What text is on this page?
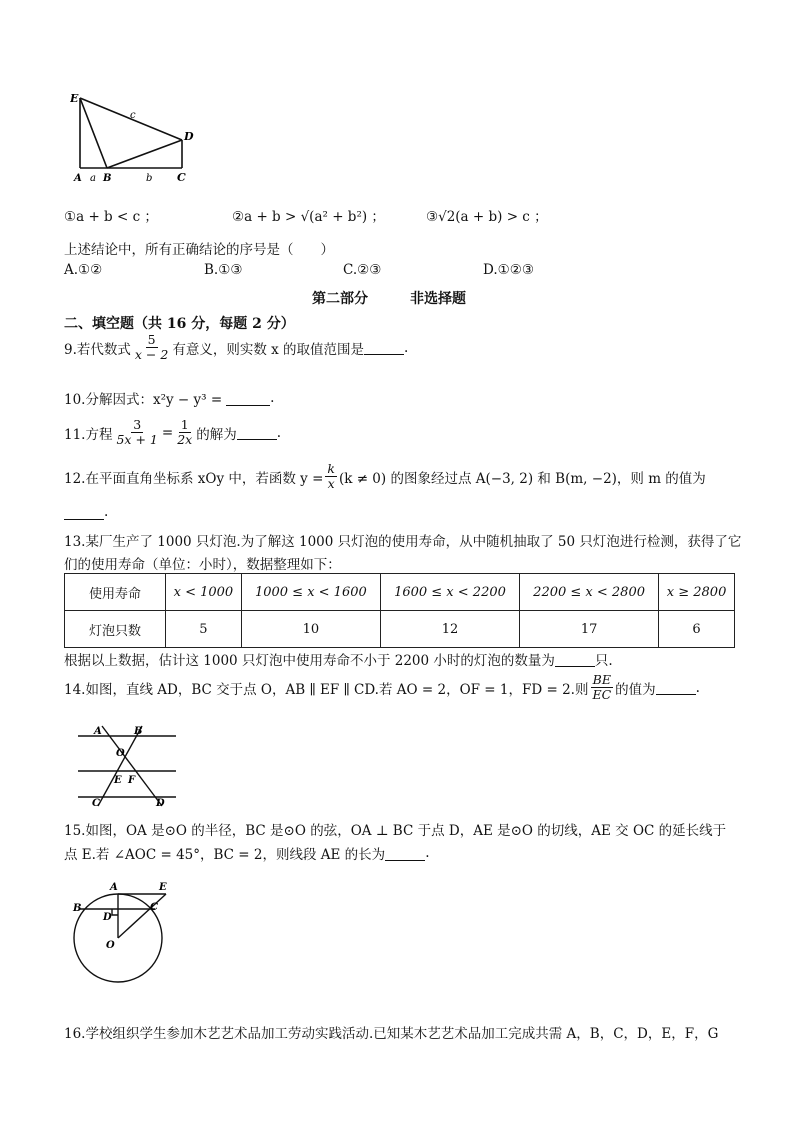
E
c
D
A a B	b C
①a + b < c ；	②a + b > √(a² + b²) ；	③√2(a + b) > c ；
上述结论中，所有正确结论的序号是（　　）
A.①②	B.①③	C.②③	D.①②③
第二部分　　　非选择题
二、填空题（共 16 分，每题 2 分）
9.若代数式 $\frac{5}{x - 2}$ 有意义，则实数 x 的取值范围是	.
10.分解因式：x²y − y³ =	.
11.方程 $\frac{3}{5x + 1} = \frac{1}{2x}$ 的解为	.
12.在平面直角坐标系 xOy 中，若函数 $y = \frac{k}{x} (k \ne 0)$ 的图象经过点 A(−3, 2) 和 B(m, −2)，则 m 的值为
.
13.某厂生产了 1000 只灯泡.为了解这 1000 只灯泡的使用寿命，从中随机抽取了 50 只灯泡进行检测，获得了它
们的使用寿命（单位：小时），数据整理如下：
使用寿命	x < 1000	1000 ≤ x < 1600	1600 ≤ x < 2200	2200 ≤ x < 2800	x ≥ 2800
灯泡只数	5	10	12	17	6
根据以上数据，估计这 1000 只灯泡中使用寿命不小于 2200 小时的灯泡的数量为	只.
14.如图，直线 AD，BC 交于点 O，AB ∥ EF ∥ CD.若 AO = 2，OF = 1，FD = 2.则 $\frac{BE}{EC}$ 的值为	.
A	B
O
E F
C	D
15.如图，OA 是⊙O 的半径，BC 是⊙O 的弦，OA ⊥ BC 于点 D，AE 是⊙O 的切线，AE 交 OC 的延长线于
点 E.若 ∠AOC = 45°，BC = 2，则线段 AE 的长为	.
A	E
B
D
C
O
16.学校组织学生参加木艺艺术品加工劳动实践活动.已知某木艺艺术品加工完成共需 A，B，C，D，E，F，G
